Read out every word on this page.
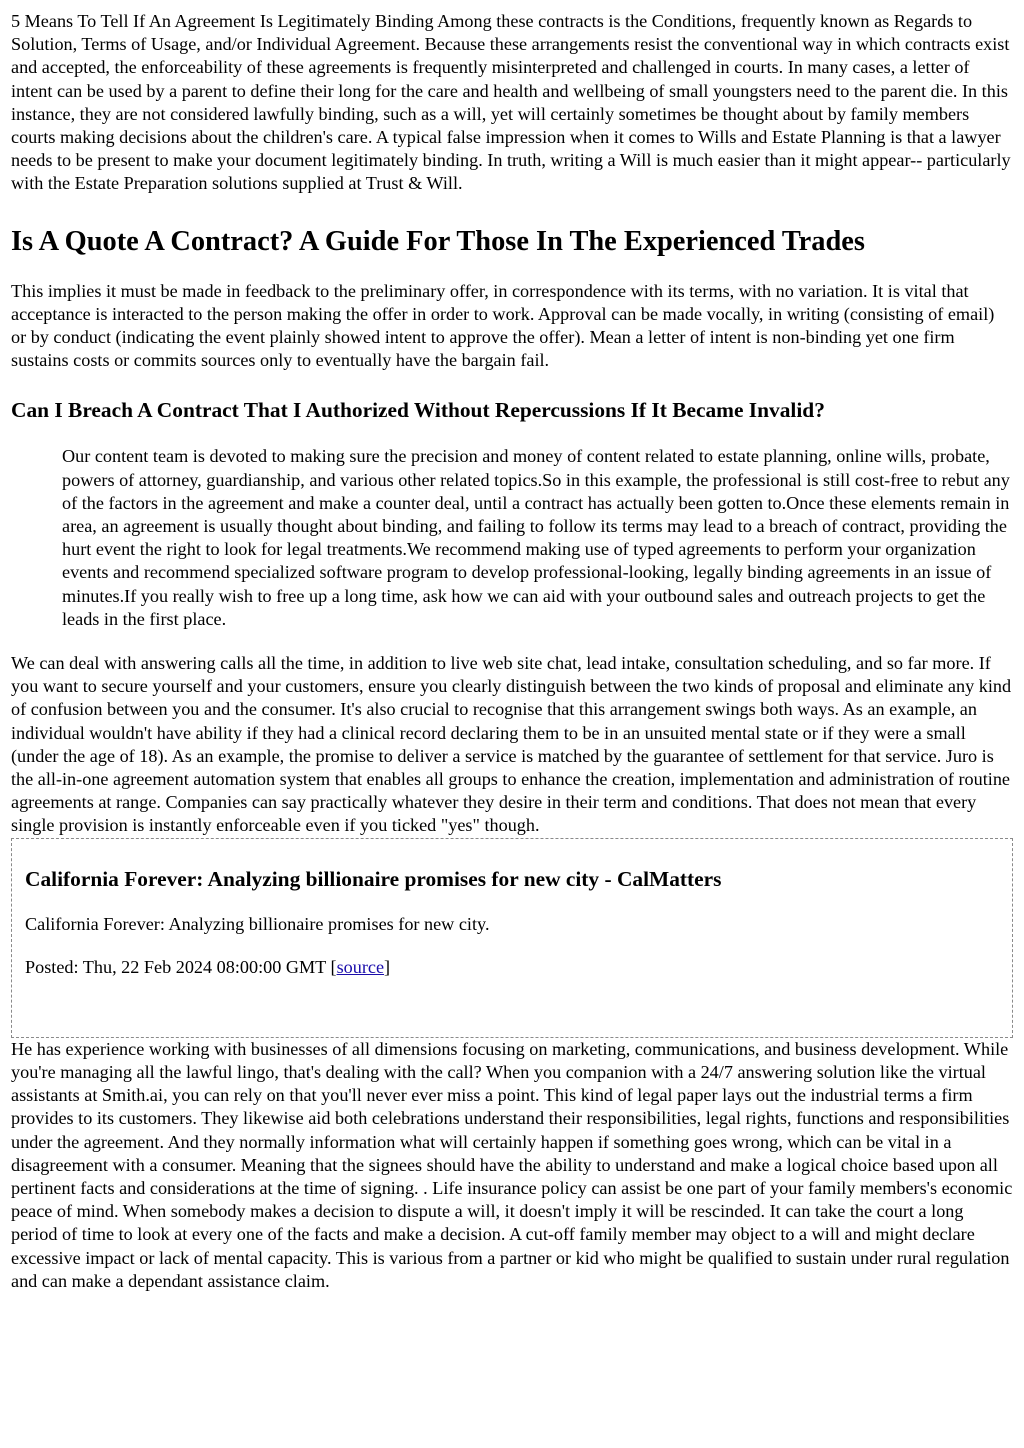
5 Means To Tell If An Agreement Is Legitimately Binding Among these contracts is the Conditions, frequently known as Regards to Solution, Terms of Usage, and/or Individual Agreement. Because these arrangements resist the conventional way in which contracts exist and accepted, the enforceability of these agreements is frequently misinterpreted and challenged in courts. In many cases, a letter of intent can be used by a parent to define their long for the care and health and wellbeing of small youngsters need to the parent die. In this instance, they are not considered lawfully binding, such as a will, yet will certainly sometimes be thought about by family members courts making decisions about the children's care. A typical false impression when it comes to Wills and Estate Planning is that a lawyer needs to be present to make your document legitimately binding. In truth, writing a Will is much easier than it might appear-- particularly with the Estate Preparation solutions supplied at Trust & Will.

Is A Quote A Contract? A Guide For Those In The Experienced Trades

This implies it must be made in feedback to the preliminary offer, in correspondence with its terms, with no variation. It is vital that acceptance is interacted to the person making the offer in order to work. Approval can be made vocally, in writing (consisting of email) or by conduct (indicating the event plainly showed intent to approve the offer). Mean a letter of intent is non-binding yet one firm sustains costs or commits sources only to eventually have the bargain fail.

Can I Breach A Contract That I Authorized Without Repercussions If It Became Invalid?
Our content team is devoted to making sure the precision and money of content related to estate planning, online wills, probate, powers of attorney, guardianship, and various other related topics.So in this example, the professional is still cost-free to rebut any of the factors in the agreement and make a counter deal, until a contract has actually been gotten to.Once these elements remain in area, an agreement is usually thought about binding, and failing to follow its terms may lead to a breach of contract, providing the hurt event the right to look for legal treatments.We recommend making use of typed agreements to perform your organization events and recommend specialized software program to develop professional-looking, legally binding agreements in an issue of minutes.If you really wish to free up a long time, ask how we can aid with your outbound sales and outreach projects to get the leads in the first place.

We can deal with answering calls all the time, in addition to live web site chat, lead intake, consultation scheduling, and so far more. If you want to secure yourself and your customers, ensure you clearly distinguish between the two kinds of proposal and eliminate any kind of confusion between you and the consumer. It's also crucial to recognise that this arrangement swings both ways. As an example, an individual wouldn't have ability if they had a clinical record declaring them to be in an unsuited mental state or if they were a small (under the age of 18). As an example, the promise to deliver a service is matched by the guarantee of settlement for that service. Juro is the all-in-one agreement automation system that enables all groups to enhance the creation, implementation and administration of routine agreements at range. Companies can say practically whatever they desire in their term and conditions. That does not mean that every single provision is instantly enforceable even if you ticked "yes" though.

California Forever: Analyzing billionaire promises for new city - CalMatters

California Forever: Analyzing billionaire promises for new city.

Posted: Thu, 22 Feb 2024 08:00:00 GMT [source]

He has experience working with businesses of all dimensions focusing on marketing, communications, and business development. While you're managing all the lawful lingo, that's dealing with the call? When you companion with a 24/7 answering solution like the virtual assistants at Smith.ai, you can rely on that you'll never ever miss a point. This kind of legal paper lays out the industrial terms a firm provides to its customers. They likewise aid both celebrations understand their responsibilities, legal rights, functions and responsibilities under the agreement. And they normally information what will certainly happen if something goes wrong, which can be vital in a disagreement with a consumer. Meaning that the signees should have the ability to understand and make a logical choice based upon all pertinent facts and considerations at the time of signing. . Life insurance policy can assist be one part of your family members's economic peace of mind. When somebody makes a decision to dispute a will, it doesn't imply it will be rescinded. It can take the court a long period of time to look at every one of the facts and make a decision. A cut-off family member may object to a will and might declare excessive impact or lack of mental capacity. This is various from a partner or kid who might be qualified to sustain under rural regulation and can make a dependant assistance claim.
